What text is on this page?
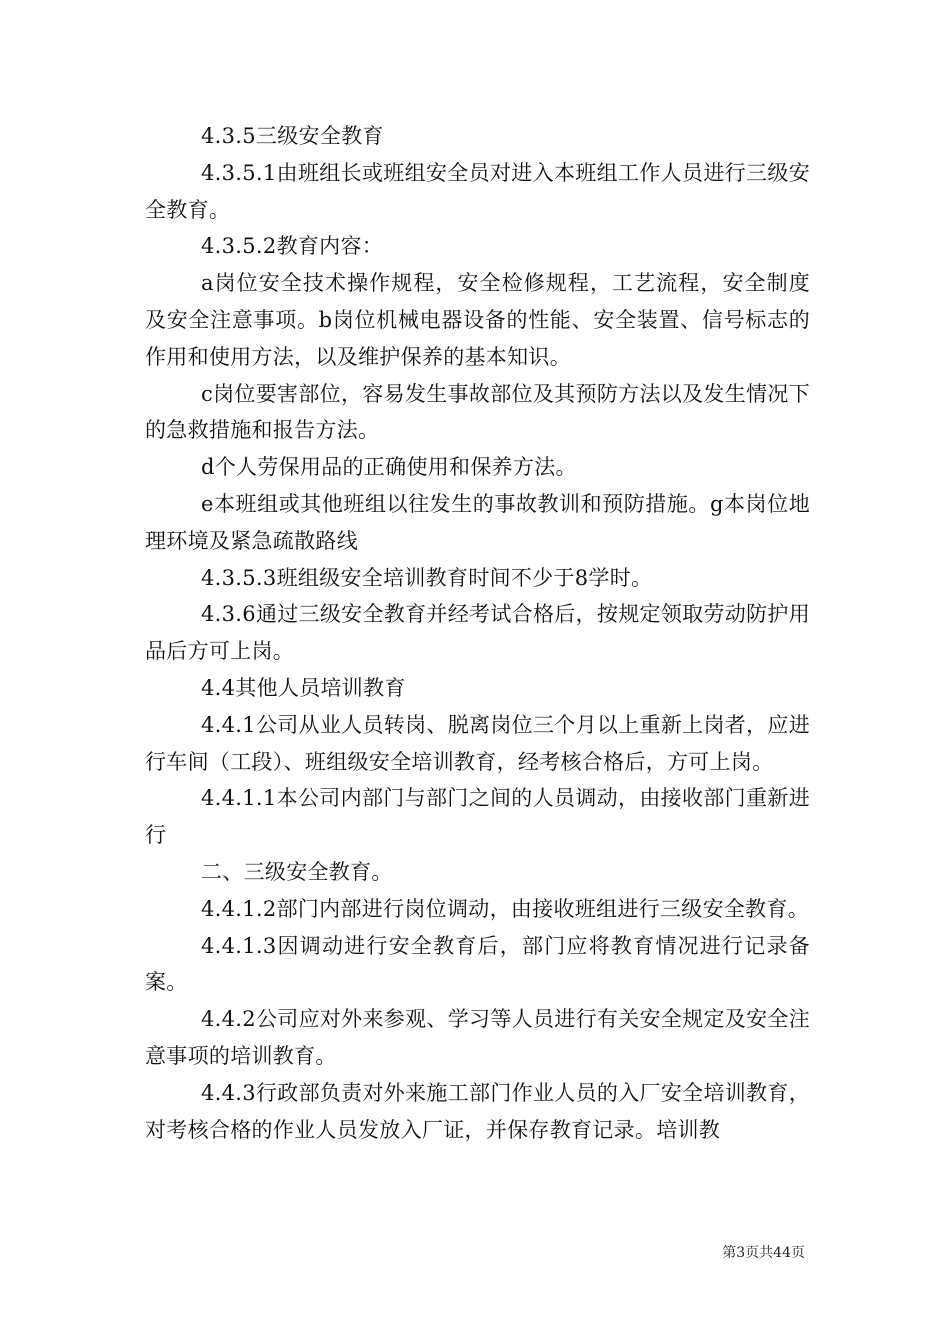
4.3.5三级安全教育

4.3.5.1由班组长或班组安全员对进入本班组工作人员进行三级安全教育。

4.3.5.2教育内容：

a岗位安全技术操作规程，安全检修规程，工艺流程，安全制度及安全注意事项。b岗位机械电器设备的性能、安全装置、信号标志的作用和使用方法，以及维护保养的基本知识。

c岗位要害部位，容易发生事故部位及其预防方法以及发生情况下的急救措施和报告方法。

d个人劳保用品的正确使用和保养方法。

e本班组或其他班组以往发生的事故教训和预防措施。g本岗位地理环境及紧急疏散路线

4.3.5.3班组级安全培训教育时间不少于8学时。

4.3.6通过三级安全教育并经考试合格后，按规定领取劳动防护用品后方可上岗。

4.4其他人员培训教育

4.4.1公司从业人员转岗、脱离岗位三个月以上重新上岗者，应进行车间（工段）、班组级安全培训教育，经考核合格后，方可上岗。

4.4.1.1本公司内部门与部门之间的人员调动，由接收部门重新进行

二、三级安全教育。

4.4.1.2部门内部进行岗位调动，由接收班组进行三级安全教育。

4.4.1.3因调动进行安全教育后，部门应将教育情况进行记录备案。

4.4.2公司应对外来参观、学习等人员进行有关安全规定及安全注意事项的培训教育。

4.4.3行政部负责对外来施工部门作业人员的入厂安全培训教育，对考核合格的作业人员发放入厂证，并保存教育记录。培训教

第3页共44页
